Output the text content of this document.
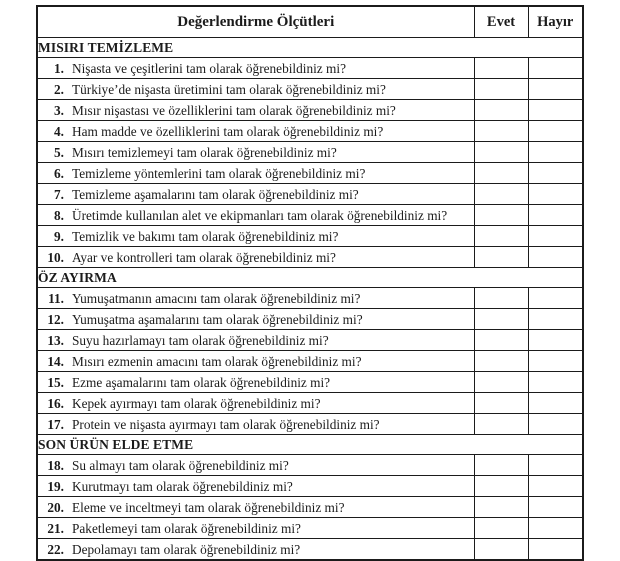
Değerlendirme Ölçütleri	Evet	Hayır
MISIRI TEMİZLEME		

1. Nişasta ve çeşitlerini tam olarak öğrenebildiniz mi?		

2. Türkiye’de nişasta üretimini tam olarak öğrenebildiniz mi?		

3. Mısır nişastası ve özelliklerini tam olarak öğrenebildiniz mi?		

4. Ham madde ve özelliklerini tam olarak öğrenebildiniz mi?		

5. Mısırı temizlemeyi tam olarak öğrenebildiniz mi?		

6. Temizleme yöntemlerini tam olarak öğrenebildiniz mi?		

7. Temizleme aşamalarını tam olarak öğrenebildiniz mi?		

8. Üretimde kullanılan alet ve ekipmanları tam olarak öğrenebildiniz mi?		

9. Temizlik ve bakımı tam olarak öğrenebildiniz mi?		

10. Ayar ve kontrolleri tam olarak öğrenebildiniz mi?		

ÖZ AYIRMA		

11. Yumuşatmanın amacını tam olarak öğrenebildiniz mi?		

12. Yumuşatma aşamalarını tam olarak öğrenebildiniz mi?		

13. Suyu hazırlamayı tam olarak öğrenebildiniz mi?		

14. Mısırı ezmenin amacını tam olarak öğrenebildiniz mi?		

15. Ezme aşamalarını tam olarak öğrenebildiniz mi?		

16. Kepek ayırmayı tam olarak öğrenebildiniz mi?		

17. Protein ve nişasta ayırmayı tam olarak öğrenebildiniz mi?		

SON ÜRÜN ELDE ETME		

18. Su almayı tam olarak öğrenebildiniz mi?		

19. Kurutmayı tam olarak öğrenebildiniz mi?		

20. Eleme ve inceltmeyi tam olarak öğrenebildiniz mi?		

21. Paketlemeyi tam olarak öğrenebildiniz mi?		

22. Depolamayı tam olarak öğrenebildiniz mi?		
